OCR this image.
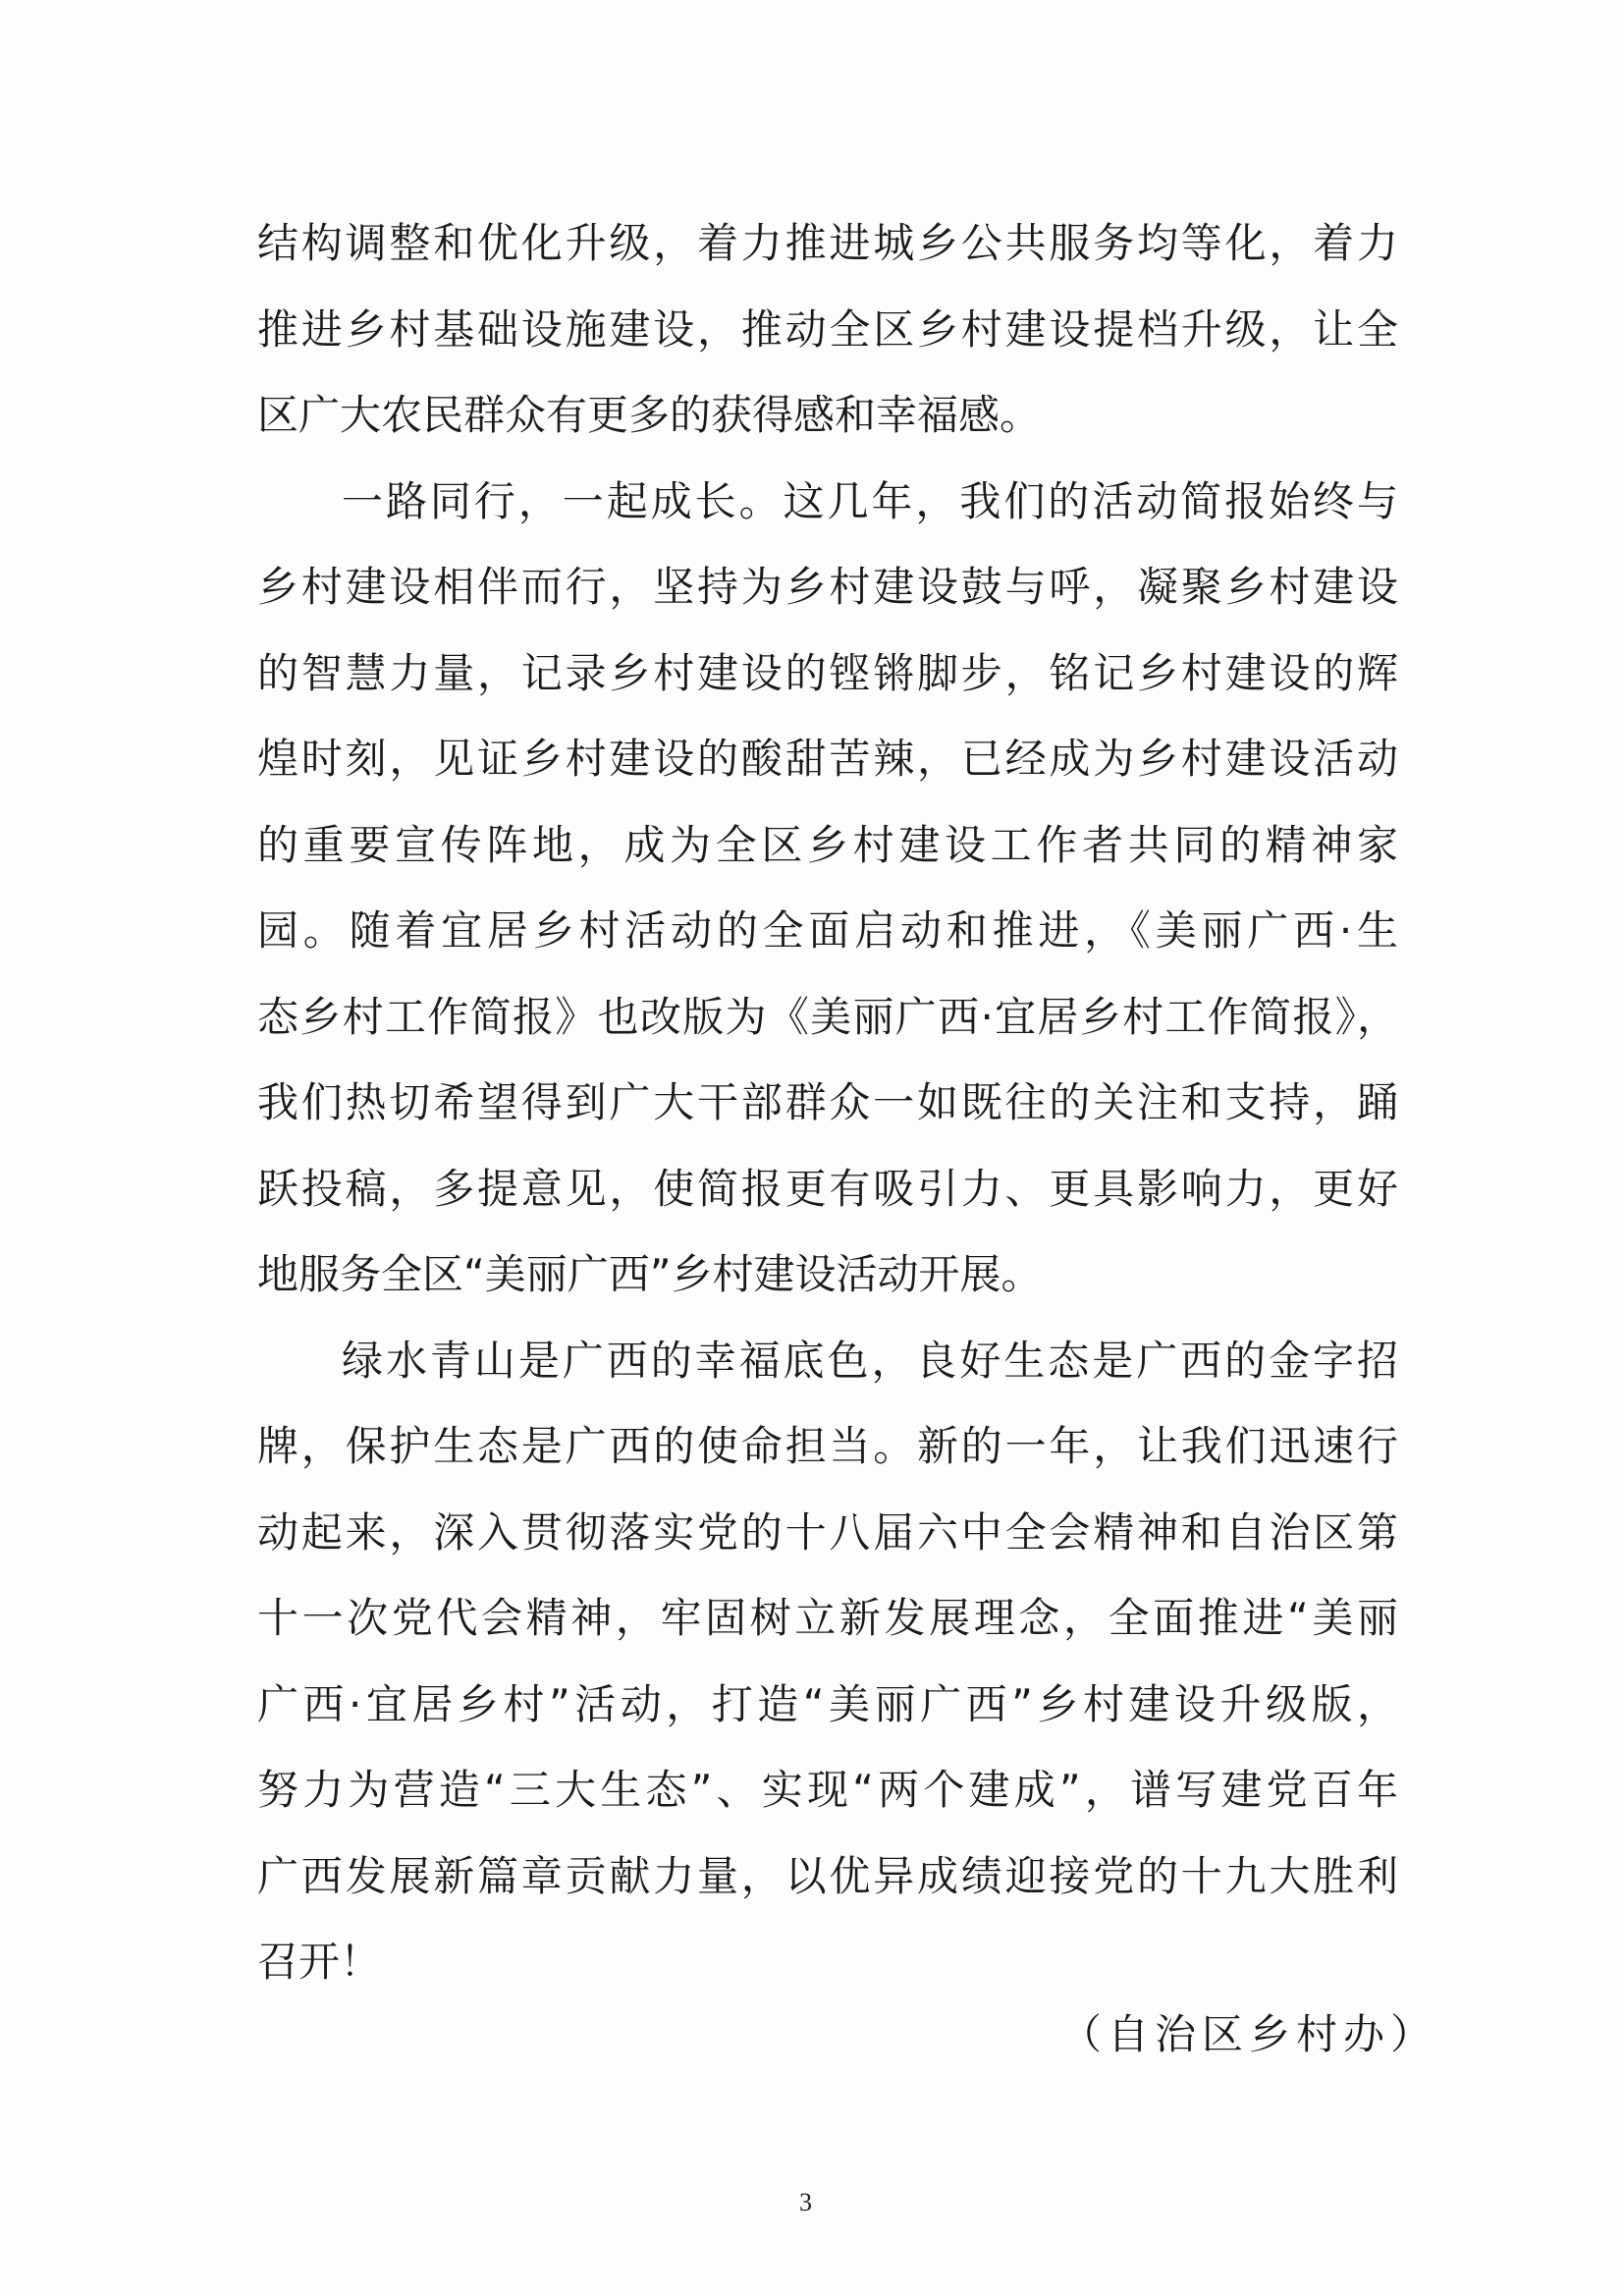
结构调整和优化升级，着力推进城乡公共服务均等化，着力
推进乡村基础设施建设，推动全区乡村建设提档升级，让全
区广大农民群众有更多的获得感和幸福感。
一路同行，一起成长。这几年，我们的活动简报始终与
乡村建设相伴而行，坚持为乡村建设鼓与呼，凝聚乡村建设
的智慧力量，记录乡村建设的铿锵脚步，铭记乡村建设的辉
煌时刻，见证乡村建设的酸甜苦辣，已经成为乡村建设活动
的重要宣传阵地，成为全区乡村建设工作者共同的精神家
园。随着宜居乡村活动的全面启动和推进，《美丽广西·生
态乡村工作简报》也改版为《美丽广西·宜居乡村工作简报》，
我们热切希望得到广大干部群众一如既往的关注和支持，踊
跃投稿，多提意见，使简报更有吸引力、更具影响力，更好
地服务全区“美丽广西”乡村建设活动开展。
绿水青山是广西的幸福底色，良好生态是广西的金字招
牌，保护生态是广西的使命担当。新的一年，让我们迅速行
动起来，深入贯彻落实党的十八届六中全会精神和自治区第
十一次党代会精神，牢固树立新发展理念，全面推进“美丽
广西·宜居乡村”活动，打造“美丽广西”乡村建设升级版，
努力为营造“三大生态”、实现“两个建成”，谱写建党百年
广西发展新篇章贡献力量，以优异成绩迎接党的十九大胜利
召开！
（自治区乡村办）
3
